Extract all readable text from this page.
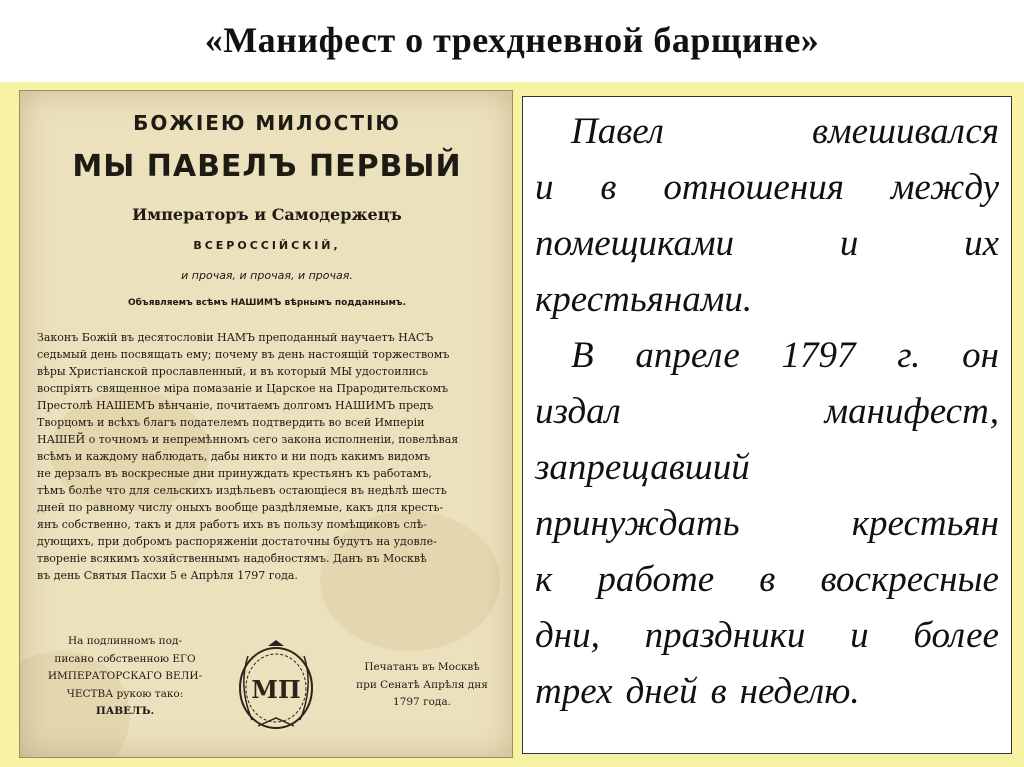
«Манифест о трехдневной барщине»
БОЖІЕЮ МИЛОСТІЮ
МЫ ПАВЕЛЪ ПЕРВЫЙ
Императоръ и Самодержецъ
ВСЕРОССІЙСКІЙ,
и прочая, и прочая, и прочая.
Объявляемъ всѣмъ НАШИМЪ вѣрнымъ подданнымъ.
Законъ Божій въ десятословіи НАМЪ преподанный научаетъ НАСЪ
седьмый день посвящать ему; почему въ день настоящій торжествомъ
вѣры Христіанской прославленный, и въ который МЫ удостоились
воспріять священное міра помазаніе и Царское на Прародительскомъ
Престолѣ НАШЕМЪ вѣнчаніе, почитаемъ долгомъ НАШИМЪ предъ
Творцомъ и всѣхъ благъ подателемъ подтвердить во всей Имперіи
НАШЕЙ о точномъ и непремѣнномъ сего закона исполненіи, повелѣвая
всѣмъ и каждому наблюдать, дабы никто и ни подъ какимъ видомъ
не дерзалъ въ воскресные дни принуждать крестьянъ къ работамъ,
тѣмъ болѣе что для сельскихъ издѣльевъ остающіеся въ недѣлѣ шесть
дней по равному числу оныхъ вообще раздѣляемые, какъ для кресть-
янъ собственно, такъ и для работъ ихъ въ пользу помѣщиковъ слѣ-
дующихъ, при добромъ распоряженіи достаточны будутъ на удовле-
твореніе всякимъ хозяйственнымъ надобностямъ. Данъ въ Москвѣ
въ день Святыя Пасхи 5 е Апрѣля 1797 года.
На подлинномъ под-
писано собственною ЕГО
ИМПЕРАТОРСКАГО ВЕЛИ-
ЧЕСТВА рукою тако:
ПАВЕЛЪ.
МП
Печатанъ въ Москвѣ
при Сенатѣ Апрѣля дня
1797 года.
Павел	вмешивался
и в отношения между
помещиками	и	их
крестьянами.
В апреле 1797 г. он
издал	манифест,
запрещавший
принуждать	крестьян
к работе в воскресные
дни, праздники и более
трех дней в неделю.
